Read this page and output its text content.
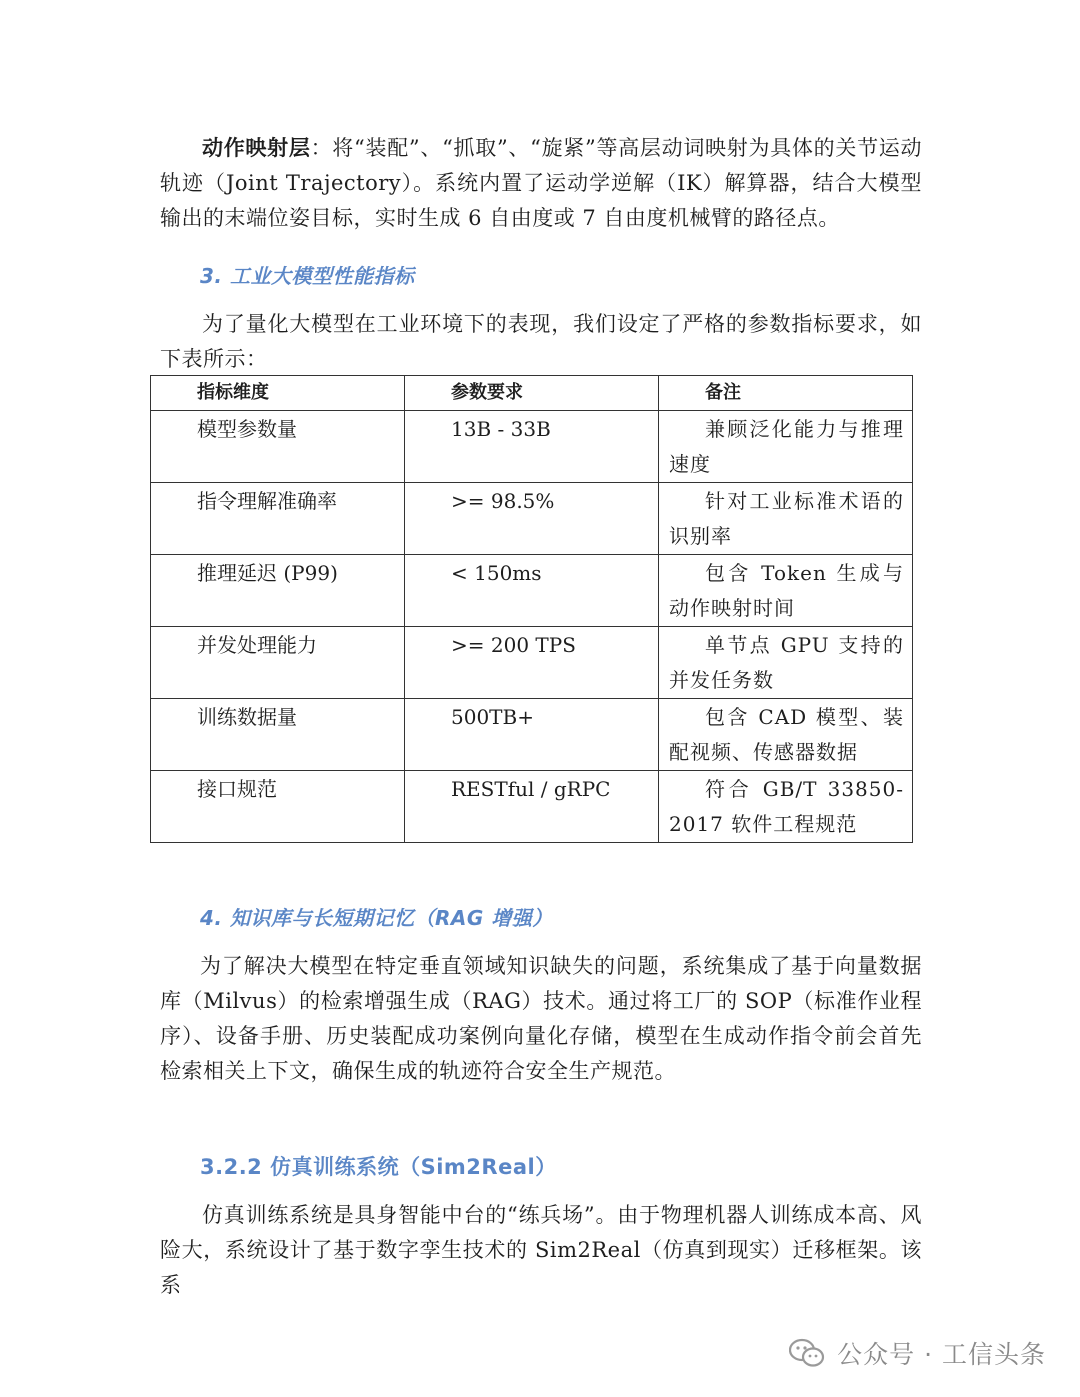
动作映射层：将“装配”、“抓取”、“旋紧”等高层动词映射为具体的关节运动轨迹（Joint Trajectory）。系统内置了运动学逆解（IK）解算器，结合大模型输出的末端位姿目标，实时生成 6 自由度或 7 自由度机械臂的路径点。

3. 工业大模型性能指标

为了量化大模型在工业环境下的表现，我们设定了严格的参数指标要求，如下表所示：

指标维度	参数要求	备注

模型参数量	13B - 33B	兼顾泛化能力与推理速度

指令理解准确率	>= 98.5%	针对工业标准术语的识别率

推理延迟 (P99)	< 150ms	包含 Token 生成与动作映射时间

并发处理能力	>= 200 TPS	单节点 GPU 支持的并发任务数

训练数据量	500TB+	包含 CAD 模型、装配视频、传感器数据

接口规范	RESTful / gRPC	符合 GB/T 33850-2017 软件工程规范
4. 知识库与长短期记忆（RAG 增强）

为了解决大模型在特定垂直领域知识缺失的问题，系统集成了基于向量数据库（Milvus）的检索增强生成（RAG）技术。通过将工厂的 SOP（标准作业程序）、设备手册、历史装配成功案例向量化存储，模型在生成动作指令前会首先检索相关上下文，确保生成的轨迹符合安全生产规范。

3.2.2 仿真训练系统（Sim2Real）

仿真训练系统是具身智能中台的“练兵场”。由于物理机器人训练成本高、风险大，系统设计了基于数字孪生技术的 Sim2Real（仿真到现实）迁移框架。该系

公众号 · 工信头条
